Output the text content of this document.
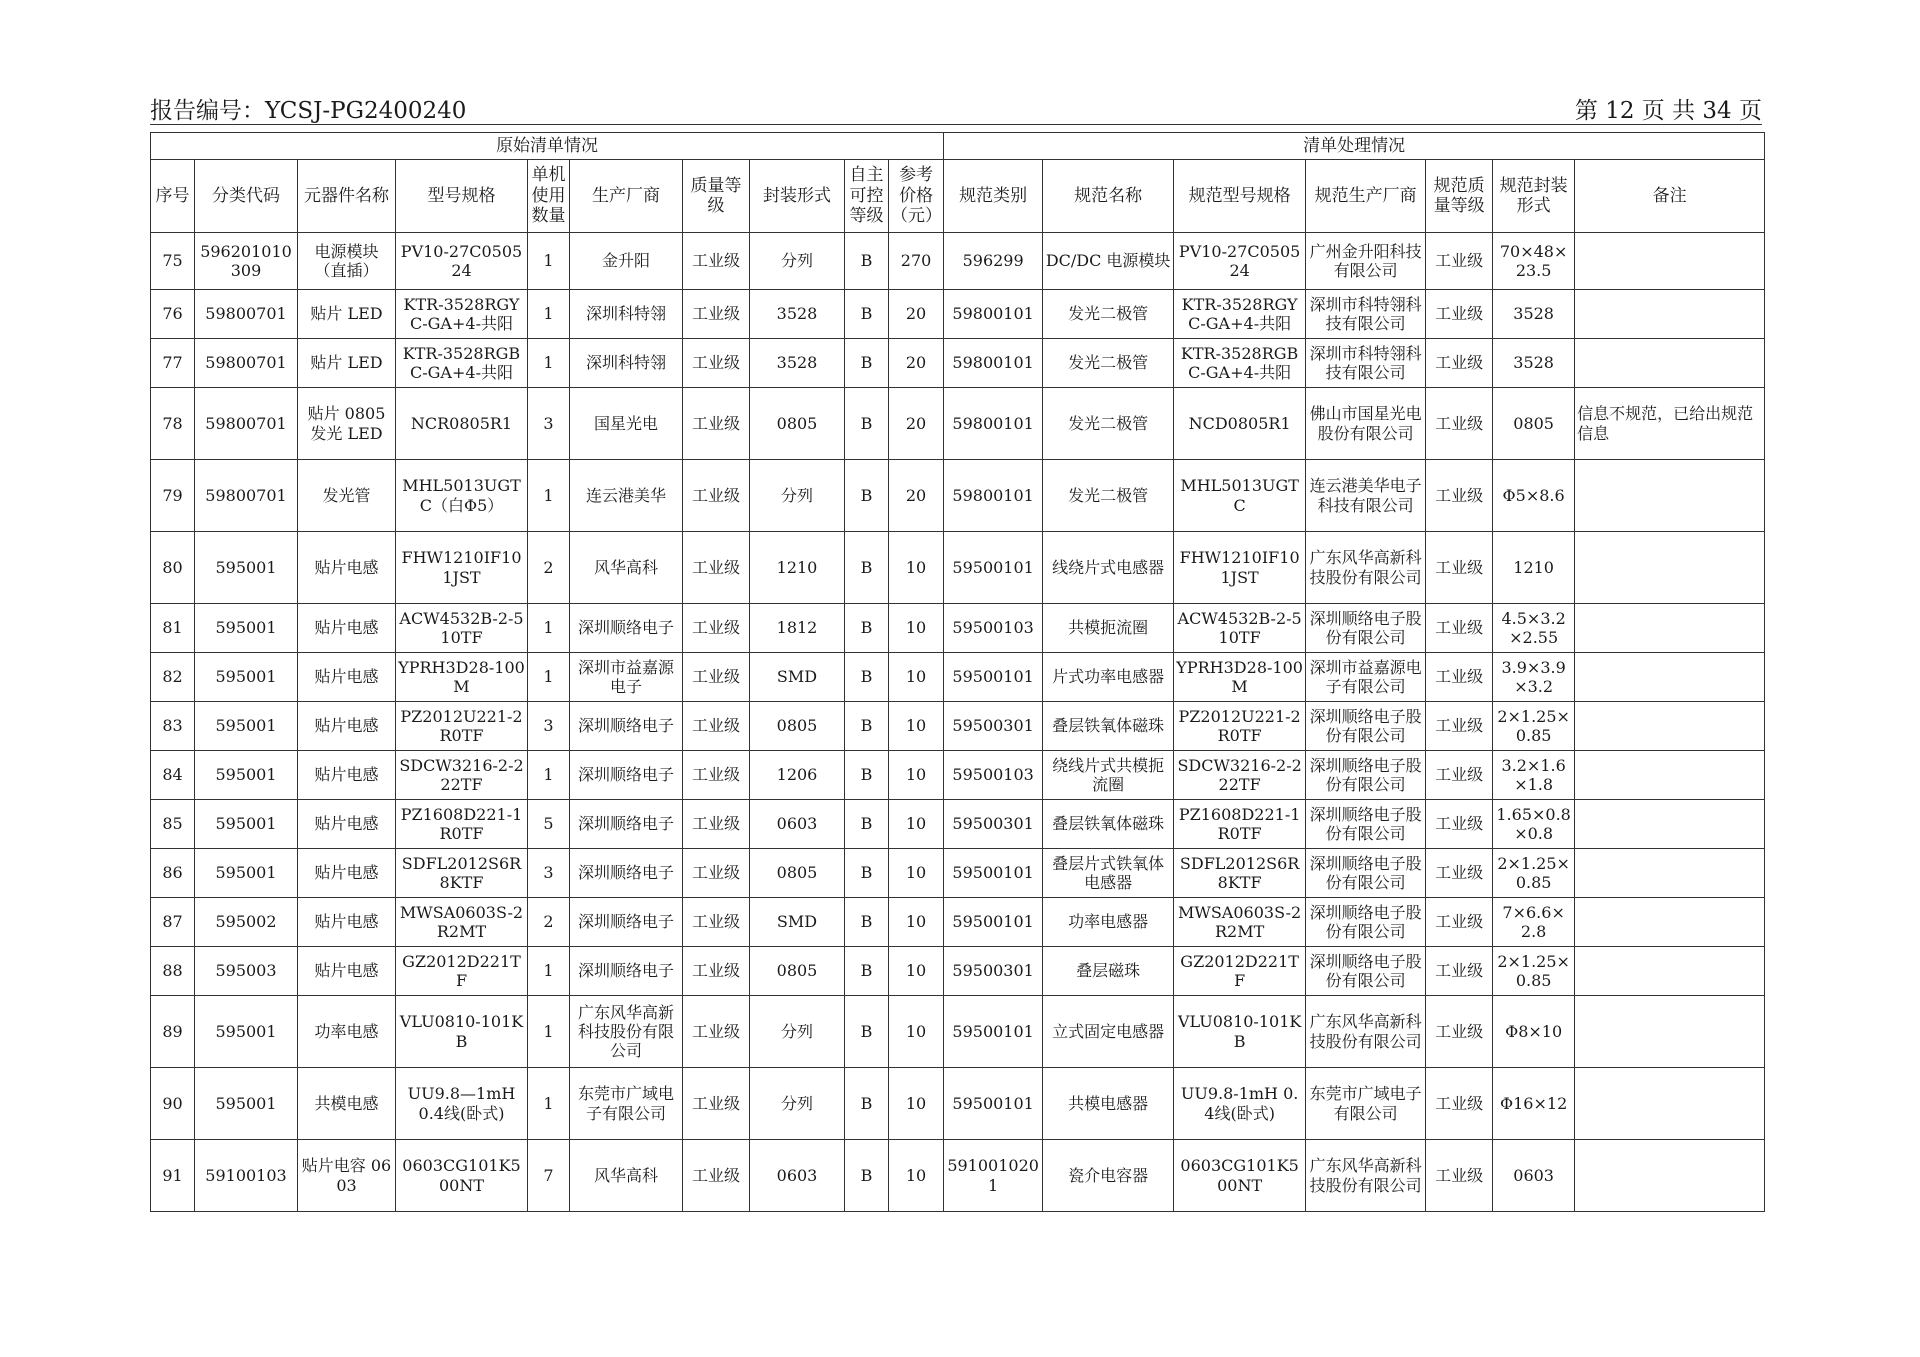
报告编号：YCSJ-PG2400240	第 12 页 共 34 页
原始清单情况										清单处理情况						
序号	分类代码	元器件名称	型号规格	单机使用数量	生产厂商	质量等级	封装形式	自主可控等级	参考价格（元）	规范类别	规范名称	规范型号规格	规范生产厂商	规范质量等级	规范封装形式	备注
75	596201010309	电源模块（直插）	PV10-27C050524	1	金升阳	工业级	分列	B	270	596299	DC/DC 电源模块	PV10-27C050524	广州金升阳科技有限公司	工业级	70×48×23.5	
76	59800701	贴片 LED	KTR-3528RGYC-GA+4-共阳	1	深圳科特翎	工业级	3528	B	20	59800101	发光二极管	KTR-3528RGYC-GA+4-共阳	深圳市科特翎科技有限公司	工业级	3528	
77	59800701	贴片 LED	KTR-3528RGBC-GA+4-共阳	1	深圳科特翎	工业级	3528	B	20	59800101	发光二极管	KTR-3528RGBC-GA+4-共阳	深圳市科特翎科技有限公司	工业级	3528	
78	59800701	贴片 0805 发光 LED	NCR0805R1	3	国星光电	工业级	0805	B	20	59800101	发光二极管	NCD0805R1	佛山市国星光电股份有限公司	工业级	0805	信息不规范，已给出规范信息
79	59800701	发光管	MHL5013UGTC（白Φ5）	1	连云港美华	工业级	分列	B	20	59800101	发光二极管	MHL5013UGTC	连云港美华电子科技有限公司	工业级	Φ5×8.6	
80	595001	贴片电感	FHW1210IF101JST	2	风华高科	工业级	1210	B	10	59500101	线绕片式电感器	FHW1210IF101JST	广东风华高新科技股份有限公司	工业级	1210	
81	595001	贴片电感	ACW4532B-2-510TF	1	深圳顺络电子	工业级	1812	B	10	59500103	共模扼流圈	ACW4532B-2-510TF	深圳顺络电子股份有限公司	工业级	4.5×3.2×2.55	
82	595001	贴片电感	YPRH3D28-100M	1	深圳市益嘉源电子	工业级	SMD	B	10	59500101	片式功率电感器	YPRH3D28-100M	深圳市益嘉源电子有限公司	工业级	3.9×3.9×3.2	
83	595001	贴片电感	PZ2012U221-2R0TF	3	深圳顺络电子	工业级	0805	B	10	59500301	叠层铁氧体磁珠	PZ2012U221-2R0TF	深圳顺络电子股份有限公司	工业级	2×1.25×0.85	
84	595001	贴片电感	SDCW3216-2-222TF	1	深圳顺络电子	工业级	1206	B	10	59500103	绕线片式共模扼流圈	SDCW3216-2-222TF	深圳顺络电子股份有限公司	工业级	3.2×1.6×1.8	
85	595001	贴片电感	PZ1608D221-1R0TF	5	深圳顺络电子	工业级	0603	B	10	59500301	叠层铁氧体磁珠	PZ1608D221-1R0TF	深圳顺络电子股份有限公司	工业级	1.65×0.8×0.8	
86	595001	贴片电感	SDFL2012S6R8KTF	3	深圳顺络电子	工业级	0805	B	10	59500101	叠层片式铁氧体电感器	SDFL2012S6R8KTF	深圳顺络电子股份有限公司	工业级	2×1.25×0.85	
87	595002	贴片电感	MWSA0603S-2R2MT	2	深圳顺络电子	工业级	SMD	B	10	59500101	功率电感器	MWSA0603S-2R2MT	深圳顺络电子股份有限公司	工业级	7×6.6×2.8	
88	595003	贴片电感	GZ2012D221TF	1	深圳顺络电子	工业级	0805	B	10	59500301	叠层磁珠	GZ2012D221TF	深圳顺络电子股份有限公司	工业级	2×1.25×0.85	
89	595001	功率电感	VLU0810-101KB	1	广东风华高新科技股份有限公司	工业级	分列	B	10	59500101	立式固定电感器	VLU0810-101KB	广东风华高新科技股份有限公司	工业级	Φ8×10	
90	595001	共模电感	UU9.8—1mH 0.4线(卧式)	1	东莞市广域电子有限公司	工业级	分列	B	10	59500101	共模电感器	UU9.8-1mH 0.4线(卧式)	东莞市广域电子有限公司	工业级	Φ16×12	
91	59100103	贴片电容 0603	0603CG101K500NT	7	风华高科	工业级	0603	B	10	5910010201	瓷介电容器	0603CG101K500NT	广东风华高新科技股份有限公司	工业级	0603	
